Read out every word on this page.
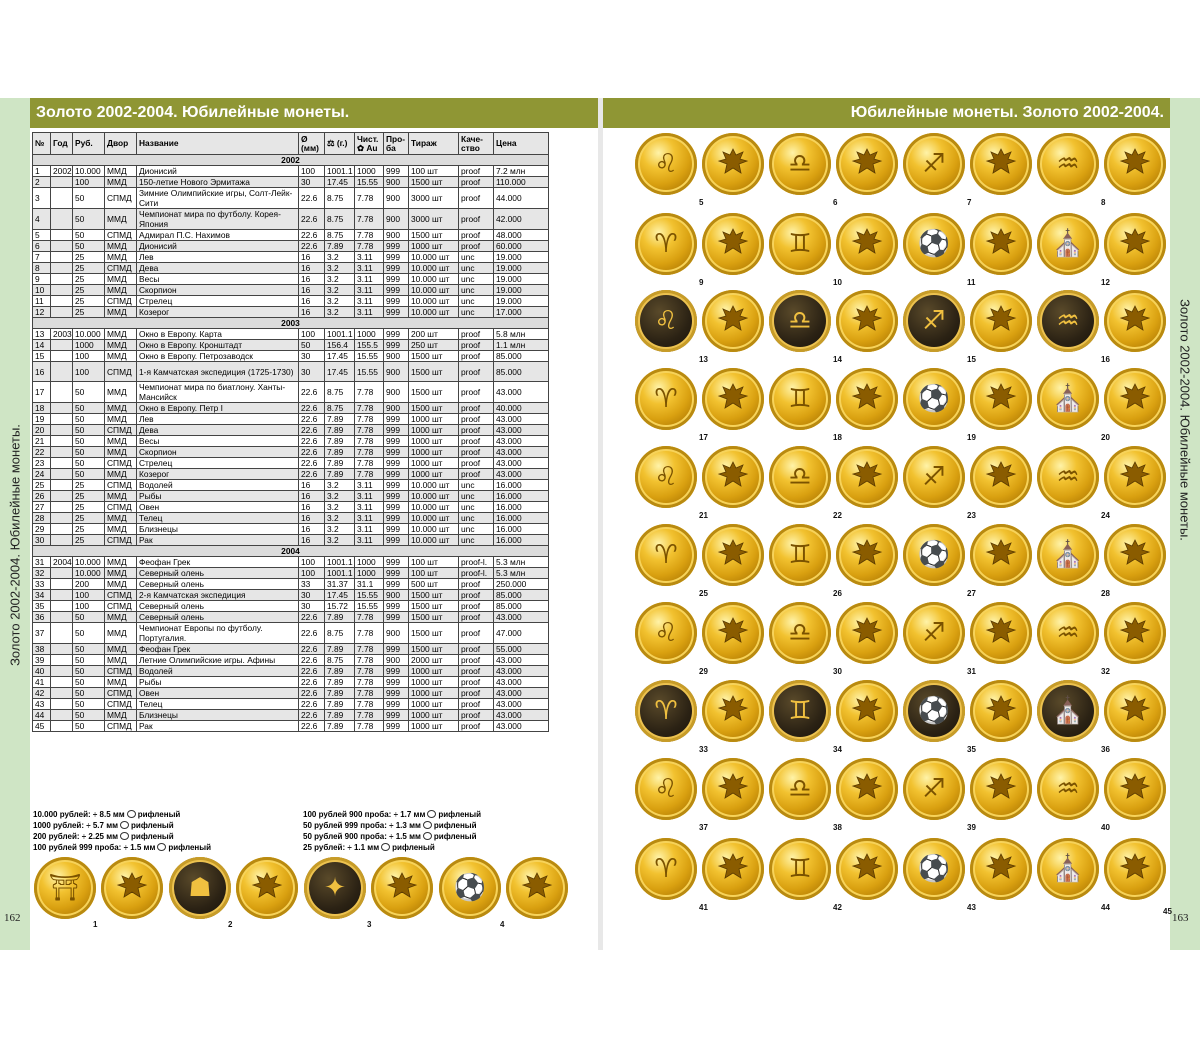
Золото 2002-2004. Юбилейные монеты.
Золото 2002-2004. Юбилейные монеты.
Золото 2002-2004. Юбилейные монеты.	Юбилейные монеты. Золото 2002-2004.
№	Год	Руб.	Двор	Название	Ø (мм)	⚖ (г.)	Чист. ✿ Au	Про-ба	Тираж	Каче-ство	Цена
2002											
1	2002	10.000	ММД	Дионисий	100	1001.1	1000	999	100 шт	proof	7.2 млн
2		100	ММД	150-летие Нового Эрмитажа	30	17.45	15.55	900	1500 шт	proof	110.000
3		50	СПМД	Зимние Олимпийские игры, Солт-Лейк-Сити	22.6	8.75	7.78	900	3000 шт	proof	44.000
4		50	ММД	Чемпионат мира по футболу. Корея-Япония	22.6	8.75	7.78	900	3000 шт	proof	42.000
5		50	СПМД	Адмирал П.С. Нахимов	22.6	8.75	7.78	900	1500 шт	proof	48.000
6		50	ММД	Дионисий	22.6	7.89	7.78	999	1000 шт	proof	60.000
7		25	ММД	Лев	16	3.2	3.11	999	10.000 шт	unc	19.000
8		25	СПМД	Дева	16	3.2	3.11	999	10.000 шт	unc	19.000
9		25	ММД	Весы	16	3.2	3.11	999	10.000 шт	unc	19.000
10		25	ММД	Скорпион	16	3.2	3.11	999	10.000 шт	unc	19.000
11		25	СПМД	Стрелец	16	3.2	3.11	999	10.000 шт	unc	19.000
12		25	ММД	Козерог	16	3.2	3.11	999	10.000 шт	unc	17.000
2003											
13	2003	10.000	ММД	Окно в Европу. Карта	100	1001.1	1000	999	200 шт	proof	5.8 млн
14		1000	ММД	Окно в Европу. Кронштадт	50	156.4	155.5	999	250 шт	proof	1.1 млн
15		100	ММД	Окно в Европу. Петрозаводск	30	17.45	15.55	900	1500 шт	proof	85.000
16		100	СПМД	1-я Камчатская экспедиция (1725-1730)	30	17.45	15.55	900	1500 шт	proof	85.000
17		50	ММД	Чемпионат мира по биатлону. Ханты-Мансийск	22.6	8.75	7.78	900	1500 шт	proof	43.000
18		50	ММД	Окно в Европу. Петр I	22.6	8.75	7.78	900	1500 шт	proof	40.000
19		50	ММД	Лев	22.6	7.89	7.78	999	1000 шт	proof	43.000
20		50	СПМД	Дева	22.6	7.89	7.78	999	1000 шт	proof	43.000
21		50	ММД	Весы	22.6	7.89	7.78	999	1000 шт	proof	43.000
22		50	ММД	Скорпион	22.6	7.89	7.78	999	1000 шт	proof	43.000
23		50	СПМД	Стрелец	22.6	7.89	7.78	999	1000 шт	proof	43.000
24		50	ММД	Козерог	22.6	7.89	7.78	999	1000 шт	proof	43.000
25		25	СПМД	Водолей	16	3.2	3.11	999	10.000 шт	unc	16.000
26		25	ММД	Рыбы	16	3.2	3.11	999	10.000 шт	unc	16.000
27		25	СПМД	Овен	16	3.2	3.11	999	10.000 шт	unc	16.000
28		25	ММД	Телец	16	3.2	3.11	999	10.000 шт	unc	16.000
29		25	ММД	Близнецы	16	3.2	3.11	999	10.000 шт	unc	16.000
30		25	СПМД	Рак	16	3.2	3.11	999	10.000 шт	unc	16.000
2004											
31	2004	10.000	ММД	Феофан Грек	100	1001.1	1000	999	100 шт	proof-l.	5.3 млн
32		10.000	ММД	Северный олень	100	1001.1	1000	999	100 шт	proof-l.	5.3 млн
33		200	ММД	Северный олень	33	31.37	31.1	999	500 шт	proof	250.000
34		100	СПМД	2-я Камчатская экспедиция	30	17.45	15.55	900	1500 шт	proof	85.000
35		100	СПМД	Северный олень	30	15.72	15.55	999	1500 шт	proof	85.000
36		50	ММД	Северный олень	22.6	7.89	7.78	999	1500 шт	proof	43.000
37		50	ММД	Чемпионат Европы по футболу. Португалия.	22.6	8.75	7.78	900	1500 шт	proof	47.000
38		50	ММД	Феофан Грек	22.6	7.89	7.78	999	1500 шт	proof	55.000
39		50	ММД	Летние Олимпийские игры. Афины	22.6	8.75	7.78	900	2000 шт	proof	43.000
40		50	СПМД	Водолей	22.6	7.89	7.78	999	1000 шт	proof	43.000
41		50	ММД	Рыбы	22.6	7.89	7.78	999	1000 шт	proof	43.000
42		50	СПМД	Овен	22.6	7.89	7.78	999	1000 шт	proof	43.000
43		50	СПМД	Телец	22.6	7.89	7.78	999	1000 шт	proof	43.000
44		50	ММД	Близнецы	22.6	7.89	7.78	999	1000 шт	proof	43.000
45		50	СПМД	Рак	22.6	7.89	7.78	999	1000 шт	proof	43.000
10.000 рублей: ÷ 8.5 мм рифленый
1000 рублей: ÷ 5.7 мм рифленый
200 рублей: ÷ 2.25 мм рифленый
100 рублей 999 проба: ÷ 1.5 мм рифленый
100 рублей 900 проба: ÷ 1.7 мм рифленый
50 рублей 999 проба: ÷ 1.3 мм рифленый
50 рублей 900 проба: ÷ 1.5 мм рифленый
25 рублей: ÷ 1.1 мм рифленый
♌	♎	♐	♒
5	6	7	8
♈	♊	⚽	⛪
9	10	11	12
♌	♎	♐	♒
13	14	15	16
♈	♊	⚽	⛪
17	18	19	20
♌	♎	♐	♒
21	22	23	24
♈	♊	⚽	⛪
25	26	27	28
♌	♎	♐	♒
29	30	31	32
♈	♊	⚽	⛪
33	34	35	36
♌	♎	♐	♒
37	38	39	40
♈	♊	⚽	⛪
41	42	43	44	45
⛩	☗	✦	⚽
1	2	3	4
162	163
